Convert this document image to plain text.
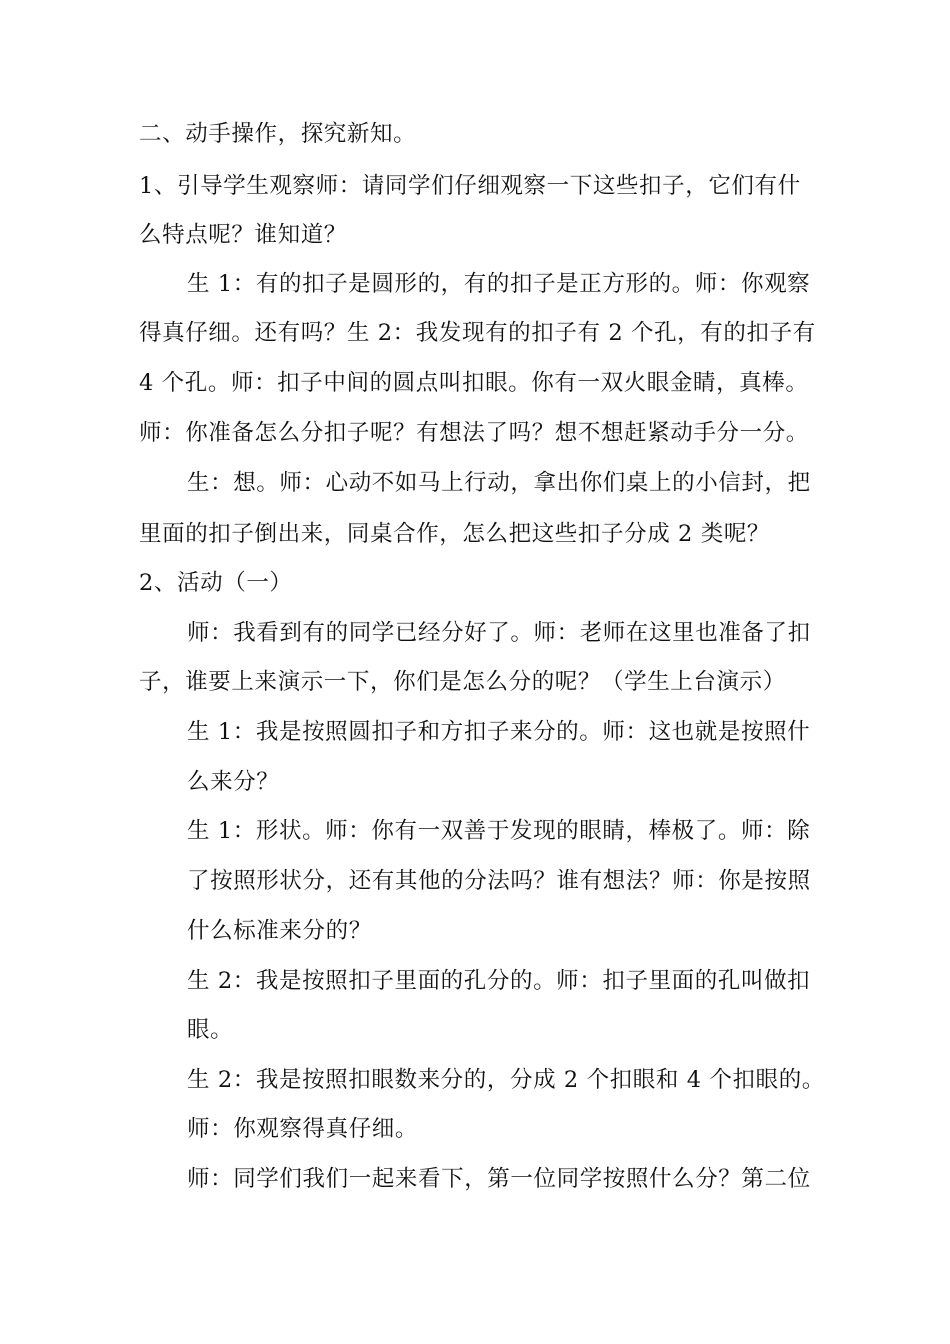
二、动手操作，探究新知。
1、引导学生观察师：请同学们仔细观察一下这些扣子，它们有什
么特点呢？谁知道？
生 1：有的扣子是圆形的，有的扣子是正方形的。师：你观察
得真仔细。还有吗？生 2：我发现有的扣子有 2 个孔，有的扣子有
4 个孔。师：扣子中间的圆点叫扣眼。你有一双火眼金睛，真棒。
师：你准备怎么分扣子呢？有想法了吗？想不想赶紧动手分一分。
生：想。师：心动不如马上行动，拿出你们桌上的小信封，把
里面的扣子倒出来，同桌合作，怎么把这些扣子分成 2 类呢？
2、活动（一）
师：我看到有的同学已经分好了。师：老师在这里也准备了扣
子，谁要上来演示一下，你们是怎么分的呢？（学生上台演示）
生 1：我是按照圆扣子和方扣子来分的。师：这也就是按照什
么来分？
生 1：形状。师：你有一双善于发现的眼睛，棒极了。师：除
了按照形状分，还有其他的分法吗？谁有想法？师：你是按照
什么标准来分的？
生 2：我是按照扣子里面的孔分的。师：扣子里面的孔叫做扣
眼。
生 2：我是按照扣眼数来分的，分成 2 个扣眼和 4 个扣眼的。
师：你观察得真仔细。
师：同学们我们一起来看下，第一位同学按照什么分？第二位
